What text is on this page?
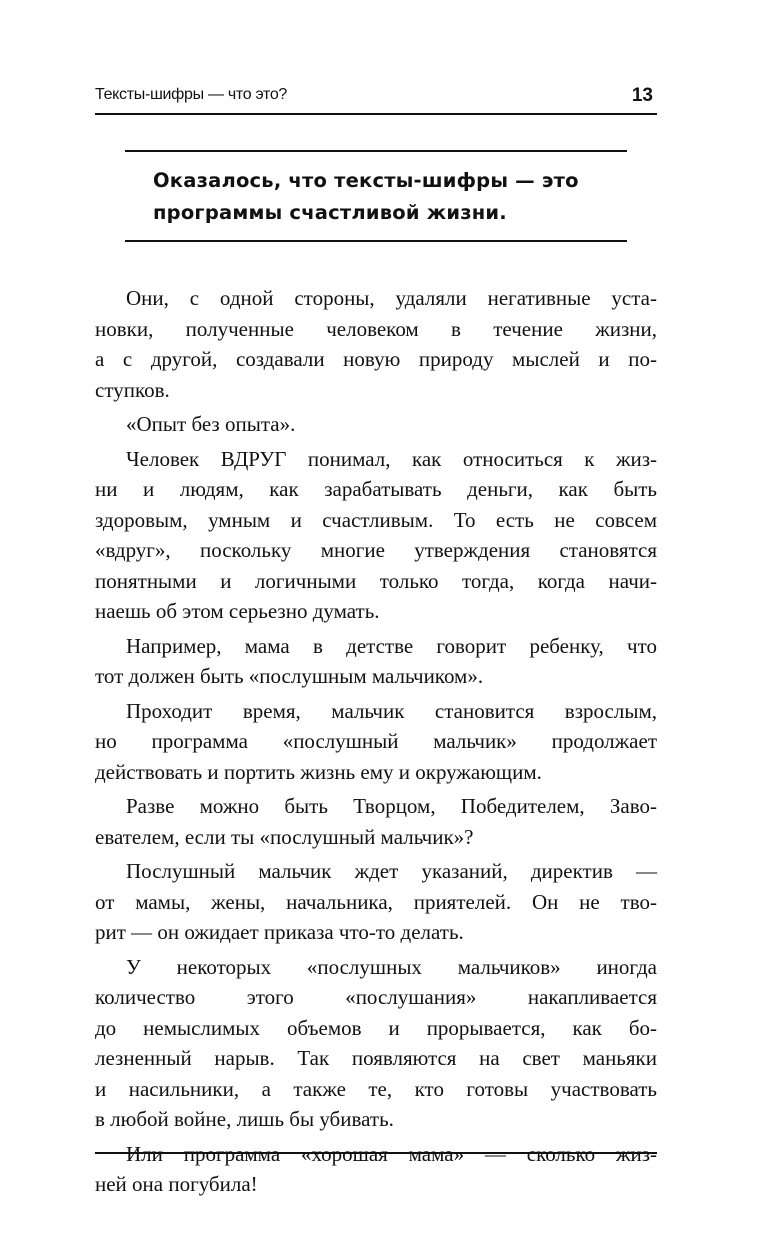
Тексты-шифры — что это?	13
Оказалось, что тексты-шифры — это
программы счастливой жизни.
Они, с одной стороны, удаляли негативные уста-
новки, полученные человеком в течение жизни,
а с другой, создавали новую природу мыслей и по-
ступков.
«Опыт без опыта».
Человек ВДРУГ понимал, как относиться к жиз-
ни и людям, как зарабатывать деньги, как быть
здоровым, умным и счастливым. То есть не совсем
«вдруг», поскольку многие утверждения становятся
понятными и логичными только тогда, когда начи-
наешь об этом серьезно думать.
Например, мама в детстве говорит ребенку, что
тот должен быть «послушным мальчиком».
Проходит время, мальчик становится взрослым,
но программа «послушный мальчик» продолжает
действовать и портить жизнь ему и окружающим.
Разве можно быть Творцом, Победителем, Заво-
евателем, если ты «послушный мальчик»?
Послушный мальчик ждет указаний, директив —
от мамы, жены, начальника, приятелей. Он не тво-
рит — он ожидает приказа что-то делать.
У некоторых «послушных мальчиков» иногда
количество этого «послушания» накапливается
до немыслимых объемов и прорывается, как бо-
лезненный нарыв. Так появляются на свет маньяки
и насильники, а также те, кто готовы участвовать
в любой войне, лишь бы убивать.
Или программа «хорошая мама» — сколько жиз-
ней она погубила!
